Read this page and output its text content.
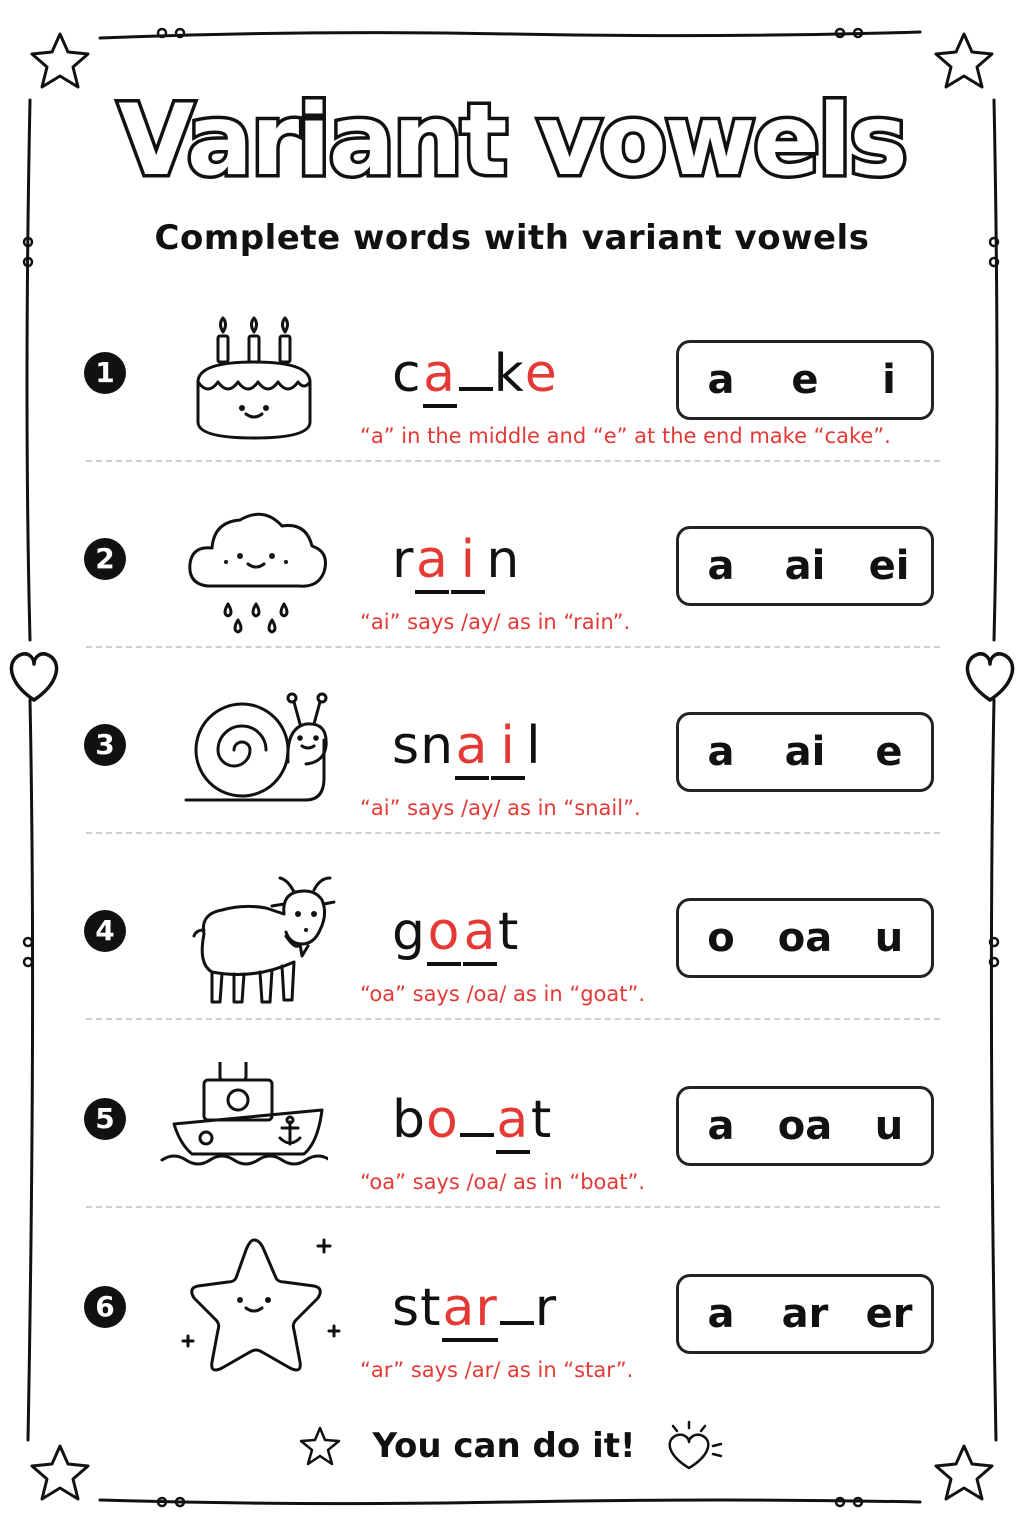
Variant vowels
Complete words with variant vowels
1	ca ke
“a” in the middle and “e” at the end make “cake”.
a	e	i
2	ra i n
“ai” says /ay/ as in “rain”.
a	ai ei
3	sna i l
“ai” says /ay/ as in “snail”.
a	ai	e
4	goat
“oa” says /oa/ as in “goat”.
o	oa	u
5	bo at
“oa” says /oa/ as in “boat”.
a	oa	u
6	star r
“ar” says /ar/ as in “star”.
a	ar er
You can do it!
